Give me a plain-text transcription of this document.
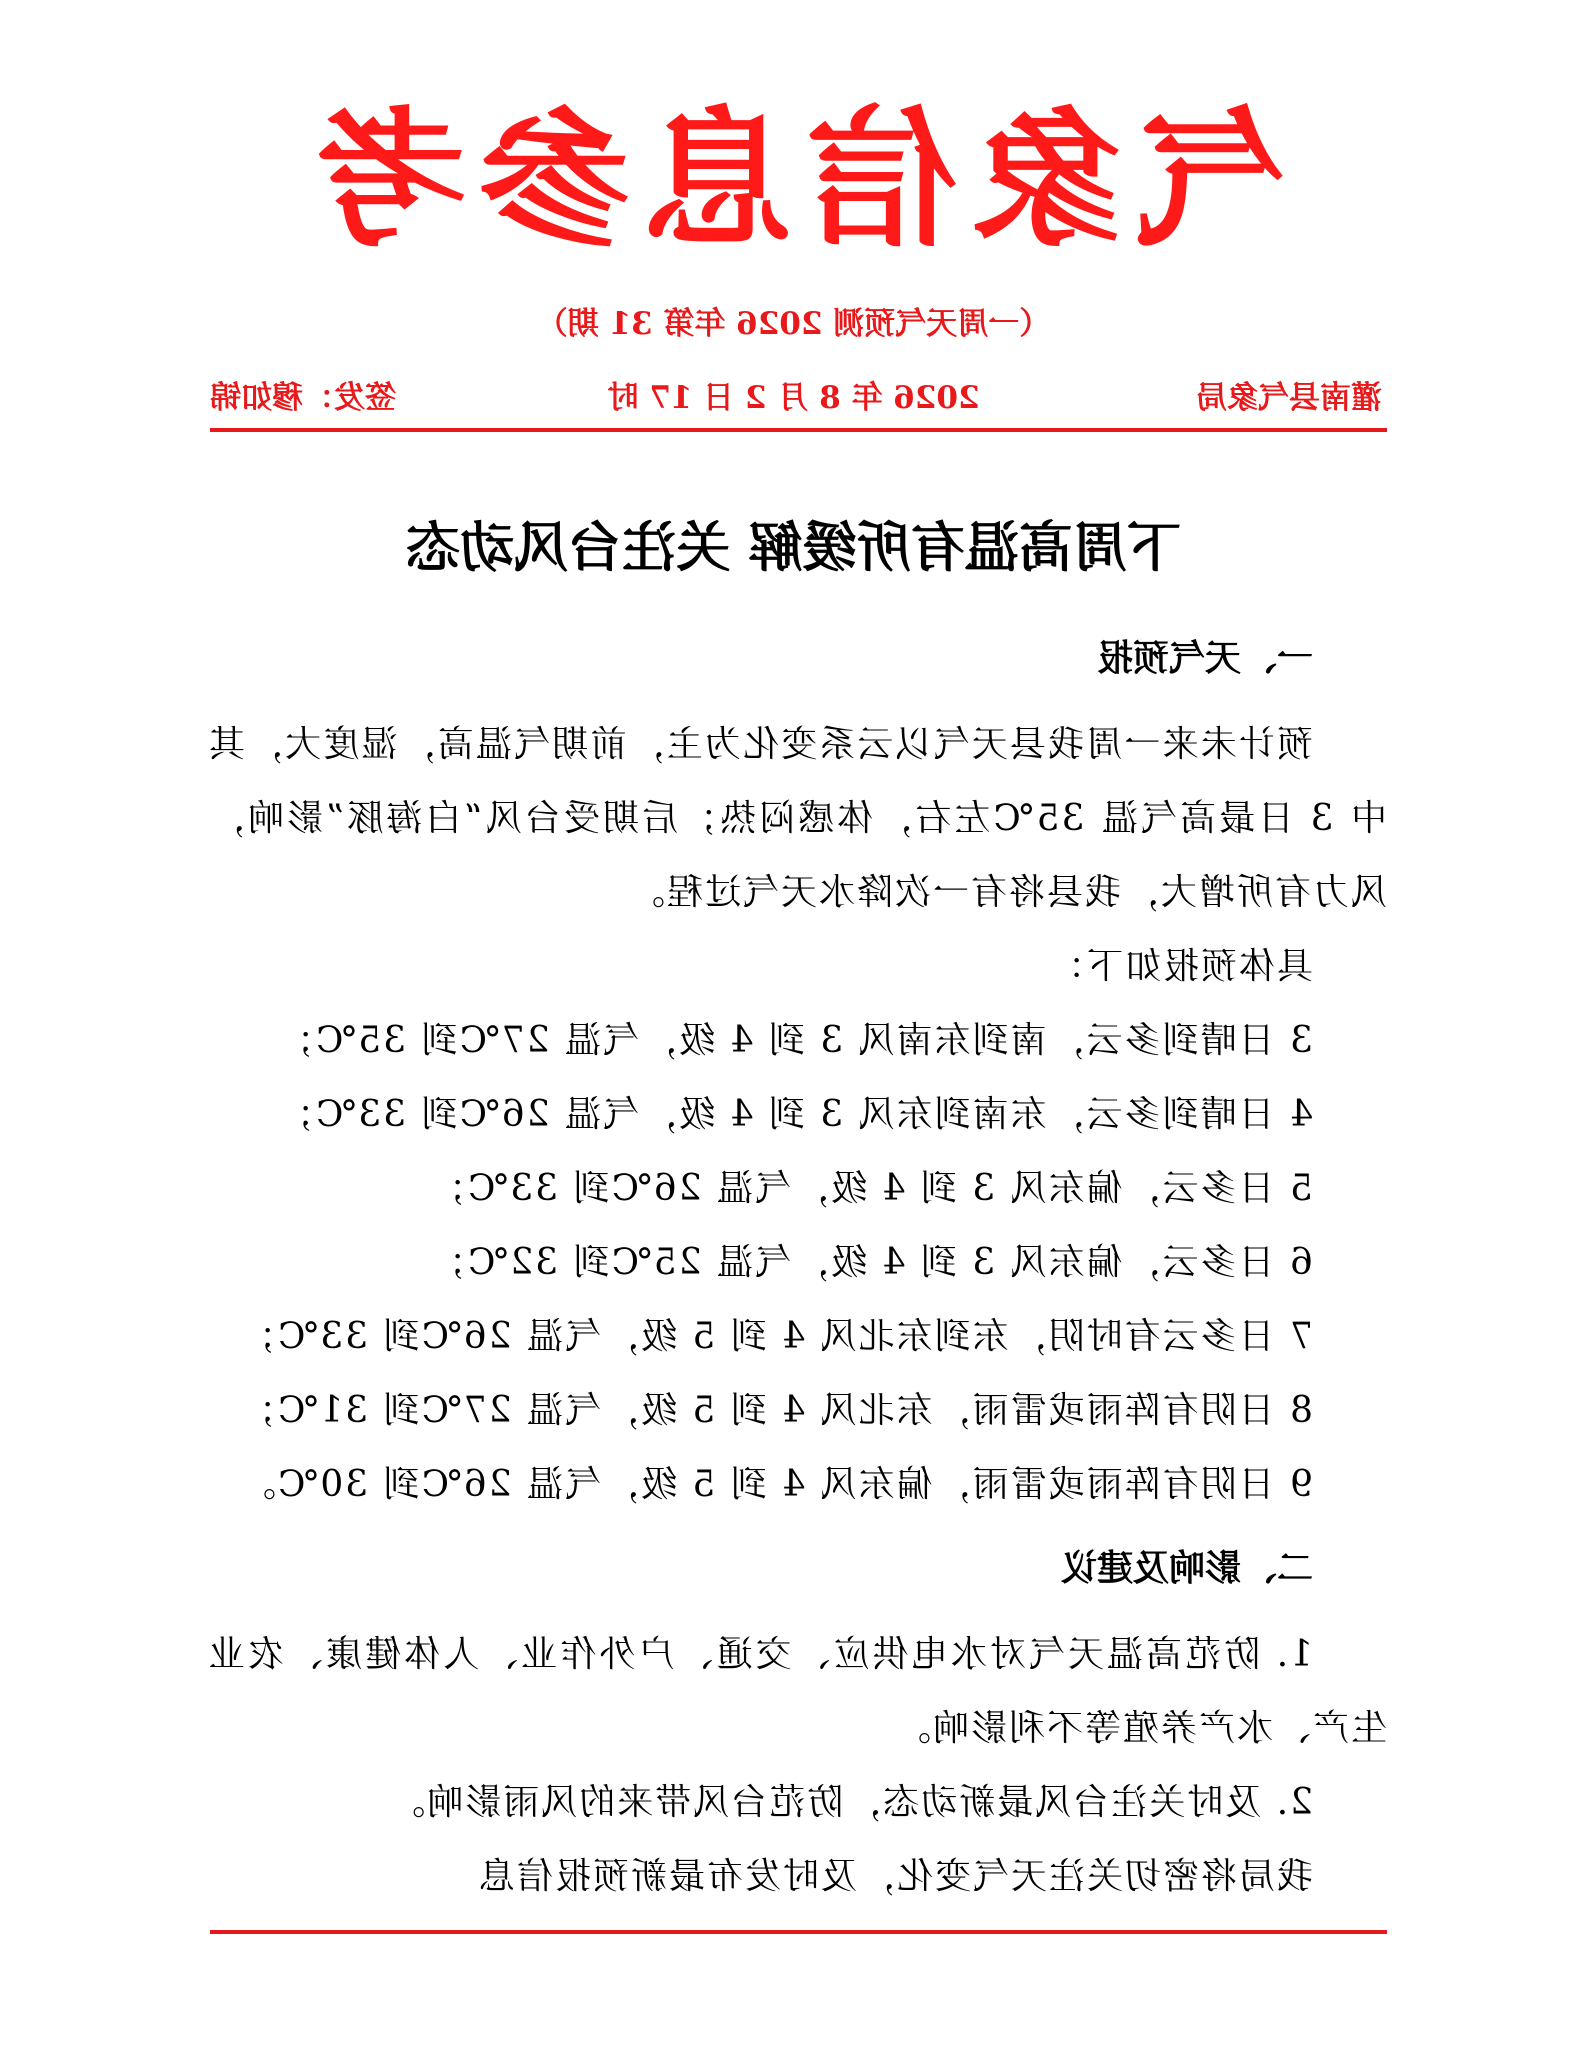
气象信息参考
（一周天气预测 2026 年第 31 期）
灌南县气象局
2026 年 8 月 2 日 17 时
签发：穆如锦
下周高温有所缓解 关注台风动态
一、天气预报
预计未来一周我县天气以云系变化为主，前期气温高，湿度大，其中 3 日最高气温 35℃左右，体感闷热；后期受台风“白海豚”影响，风力有所增大，我县将有一次降水天气过程。
具体预报如下：
3 日晴到多云，南到东南风 3 到 4 级，气温 27℃到 35℃；
4 日晴到多云，东南到东风 3 到 4 级，气温 26℃到 33℃；
5 日多云，偏东风 3 到 4 级，气温 26℃到 33℃；
6 日多云，偏东风 3 到 4 级，气温 25℃到 32℃；
7 日多云有时阴，东到东北风 4 到 5 级，气温 26℃到 33℃；
8 日阴有阵雨或雷雨，东北风 4 到 5 级，气温 27℃到 31℃；
9 日阴有阵雨或雷雨，偏东风 4 到 5 级，气温 26℃到 30℃。
二、影响及建议
1. 防范高温天气对水电供应、交通、户外作业、人体健康、农业生产、水产养殖等不利影响。
2. 及时关注台风最新动态，防范台风带来的风雨影响。
我局将密切关注天气变化，及时发布最新预报信息
